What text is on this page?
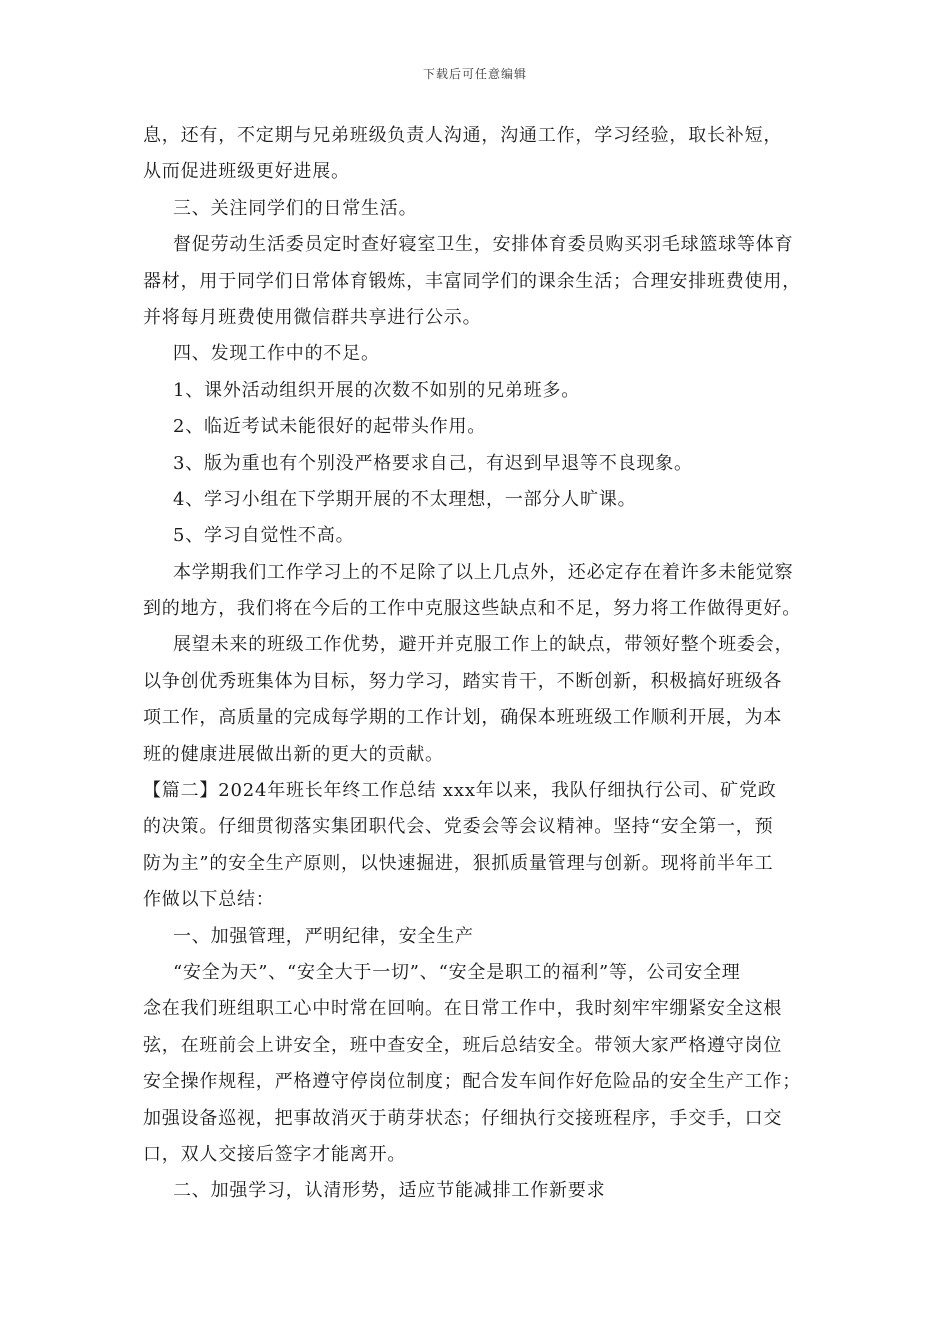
下载后可任意编辑
息，还有，不定期与兄弟班级负责人沟通，沟通工作，学习经验，取长补短，
从而促进班级更好进展。
三、关注同学们的日常生活。
督促劳动生活委员定时查好寝室卫生，安排体育委员购买羽毛球篮球等体育
器材，用于同学们日常体育锻炼，丰富同学们的课余生活；合理安排班费使用，
并将每月班费使用微信群共享进行公示。
四、发现工作中的不足。
1、课外活动组织开展的次数不如别的兄弟班多。
2、临近考试未能很好的起带头作用。
3、版为重也有个别没严格要求自己，有迟到早退等不良现象。
4、学习小组在下学期开展的不太理想，一部分人旷课。
5、学习自觉性不高。
本学期我们工作学习上的不足除了以上几点外，还必定存在着许多未能觉察
到的地方，我们将在今后的工作中克服这些缺点和不足，努力将工作做得更好。
展望未来的班级工作优势，避开并克服工作上的缺点，带领好整个班委会，
以争创优秀班集体为目标，努力学习，踏实肯干，不断创新，积极搞好班级各
项工作，高质量的完成每学期的工作计划，确保本班班级工作顺利开展，为本
班的健康进展做出新的更大的贡献。
【篇二】2024年班长年终工作总结 xxx年以来，我队仔细执行公司、矿党政
的决策。仔细贯彻落实集团职代会、党委会等会议精神。坚持“安全第一，预
防为主”的安全生产原则，以快速掘进，狠抓质量管理与创新。现将前半年工
作做以下总结：
一、加强管理，严明纪律，安全生产
“安全为天”、“安全大于一切”、“安全是职工的福利”等，公司安全理
念在我们班组职工心中时常在回响。在日常工作中，我时刻牢牢绷紧安全这根
弦，在班前会上讲安全，班中查安全，班后总结安全。带领大家严格遵守岗位
安全操作规程，严格遵守停岗位制度；配合发车间作好危险品的安全生产工作；
加强设备巡视，把事故消灭于萌芽状态；仔细执行交接班程序，手交手，口交
口，双人交接后签字才能离开。
二、加强学习，认清形势，适应节能减排工作新要求
